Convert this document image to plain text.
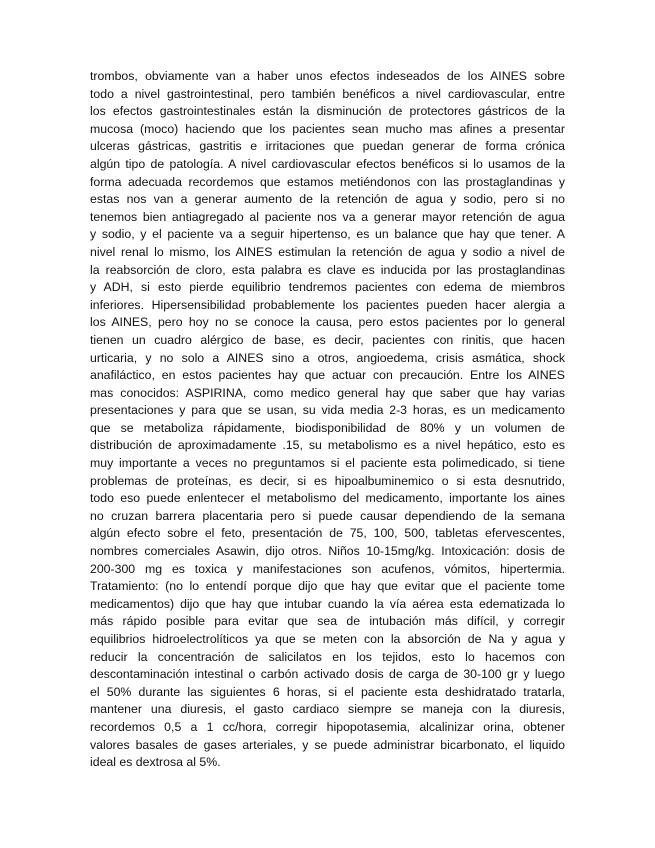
trombos, obviamente van a haber unos efectos indeseados de los AINES sobre
todo a nivel gastrointestinal, pero también benéficos a nivel cardiovascular, entre
los efectos gastrointestinales están la disminución de protectores gástricos de la
mucosa (moco) haciendo que los pacientes sean mucho mas afines a presentar
ulceras gástricas, gastritis e irritaciones que puedan generar de forma crónica
algún tipo de patología. A nivel cardiovascular efectos benéficos si lo usamos de la
forma adecuada recordemos que estamos metiéndonos con las prostaglandinas y
estas nos van a generar aumento de la retención de agua y sodio, pero si no
tenemos bien antiagregado al paciente nos va a generar mayor retención de agua
y sodio, y el paciente va a seguir hipertenso, es un balance que hay que tener. A
nivel renal lo mismo, los AINES estimulan la retención de agua y sodio a nivel de
la reabsorción de cloro, esta palabra es clave es inducida por las prostaglandinas
y ADH, si esto pierde equilibrio tendremos pacientes con edema de miembros
inferiores. Hipersensibilidad probablemente los pacientes pueden hacer alergia a
los AINES, pero hoy no se conoce la causa, pero estos pacientes por lo general
tienen un cuadro alérgico de base, es decir, pacientes con rinitis, que hacen
urticaria, y no solo a AINES sino a otros, angioedema, crisis asmática, shock
anafiláctico, en estos pacientes hay que actuar con precaución. Entre los AINES
mas conocidos: ASPIRINA, como medico general hay que saber que hay varias
presentaciones y para que se usan, su vida media 2-3 horas, es un medicamento
que se metaboliza rápidamente, biodisponibilidad de 80% y un volumen de
distribución de aproximadamente .15, su metabolismo es a nivel hepático, esto es
muy importante a veces no preguntamos si el paciente esta polimedicado, si tiene
problemas de proteínas, es decir, si es hipoalbuminemico o si esta desnutrido,
todo eso puede enlentecer el metabolismo del medicamento, importante los aines
no cruzan barrera placentaria pero si puede causar dependiendo de la semana
algún efecto sobre el feto, presentación de 75, 100, 500, tabletas efervescentes,
nombres comerciales Asawin, dijo otros. Niños 10-15mg/kg. Intoxicación: dosis de
200-300 mg es toxica y manifestaciones son acufenos, vómitos, hipertermia.
Tratamiento: (no lo entendí porque dijo que hay que evitar que el paciente tome
medicamentos) dijo que hay que intubar cuando la vía aérea esta edematizada lo
más rápido posible para evitar que sea de intubación más difícil, y corregir
equilibrios hidroelectrolíticos ya que se meten con la absorción de Na y agua y
reducir la concentración de salicilatos en los tejidos, esto lo hacemos con
descontaminación intestinal o carbón activado dosis de carga de 30-100 gr y luego
el 50% durante las siguientes 6 horas, si el paciente esta deshidratado tratarla,
mantener una diuresis, el gasto cardiaco siempre se maneja con la diuresis,
recordemos 0,5 a 1 cc/hora, corregir hipopotasemia, alcalinizar orina, obtener
valores basales de gases arteriales, y se puede administrar bicarbonato, el liquido
ideal es dextrosa al 5%.
